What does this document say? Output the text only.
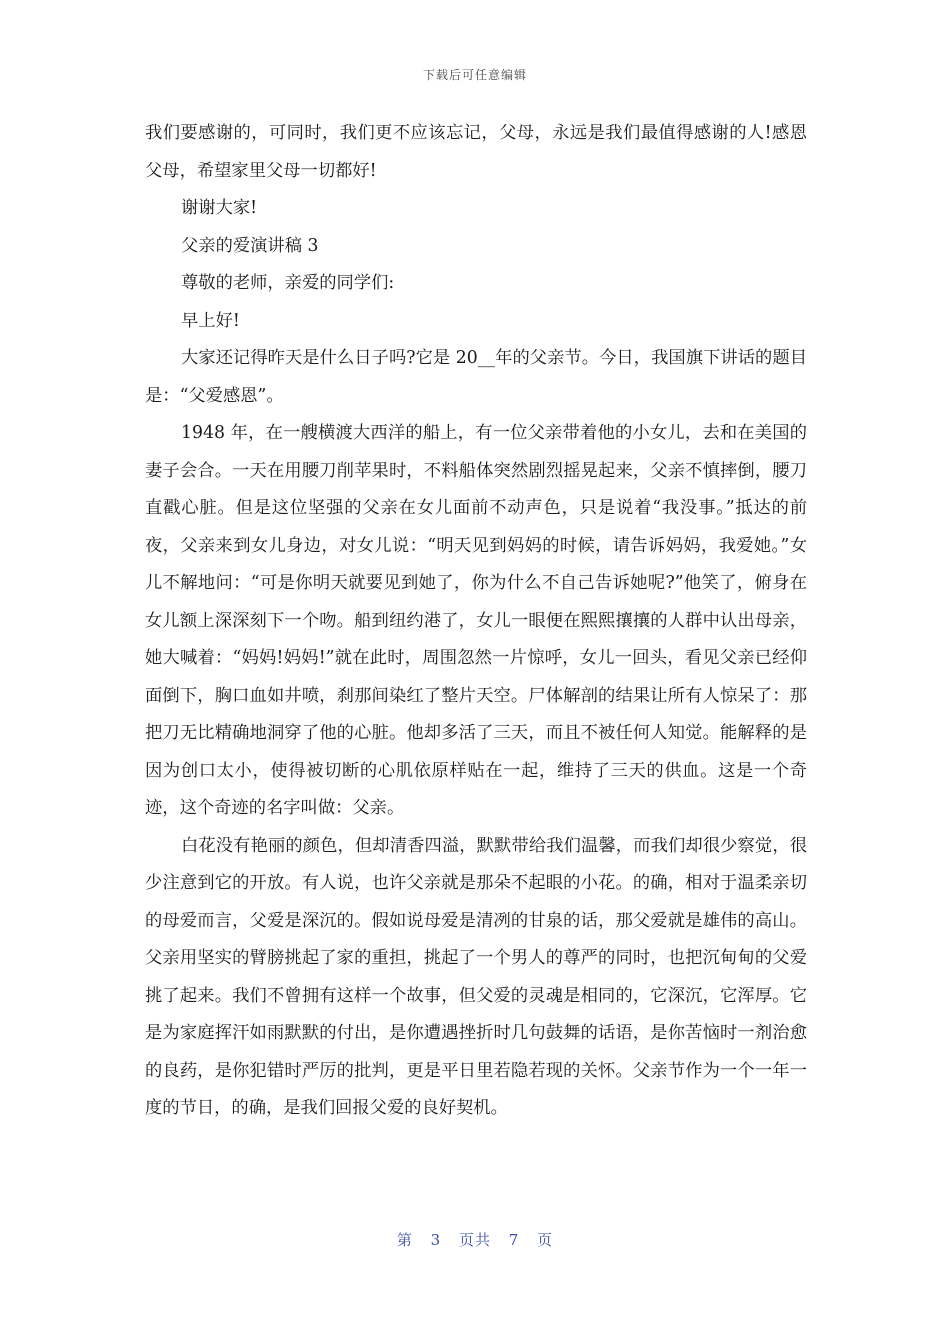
下载后可任意编辑

我们要感谢的，可同时，我们更不应该忘记，父母，永远是我们最值得感谢的人!感恩父母，希望家里父母一切都好!

谢谢大家!

父亲的爱演讲稿 3

尊敬的老师，亲爱的同学们:

早上好!

大家还记得昨天是什么日子吗?它是 20__年的父亲节。今日，我国旗下讲话的题目是：“父爱感恩”。

1948 年，在一艘横渡大西洋的船上，有一位父亲带着他的小女儿，去和在美国的妻子会合。一天在用腰刀削苹果时，不料船体突然剧烈摇晃起来，父亲不慎摔倒，腰刀直戳心脏。但是这位坚强的父亲在女儿面前不动声色，只是说着“我没事。”抵达的前夜，父亲来到女儿身边，对女儿说：“明天见到妈妈的时候，请告诉妈妈，我爱她。”女儿不解地问：“可是你明天就要见到她了，你为什么不自己告诉她呢?”他笑了，俯身在女儿额上深深刻下一个吻。船到纽约港了，女儿一眼便在熙熙攘攘的人群中认出母亲，她大喊着：“妈妈!妈妈!”就在此时，周围忽然一片惊呼，女儿一回头，看见父亲已经仰面倒下，胸口血如井喷，刹那间染红了整片天空。尸体解剖的结果让所有人惊呆了：那把刀无比精确地洞穿了他的心脏。他却多活了三天，而且不被任何人知觉。能解释的是因为创口太小，使得被切断的心肌依原样贴在一起，维持了三天的供血。这是一个奇迹，这个奇迹的名字叫做：父亲。

白花没有艳丽的颜色，但却清香四溢，默默带给我们温馨，而我们却很少察觉，很少注意到它的开放。有人说，也许父亲就是那朵不起眼的小花。的确，相对于温柔亲切的母爱而言，父爱是深沉的。假如说母爱是清冽的甘泉的话，那父爱就是雄伟的高山。父亲用坚实的臂膀挑起了家的重担，挑起了一个男人的尊严的同时，也把沉甸甸的父爱挑了起来。我们不曾拥有这样一个故事，但父爱的灵魂是相同的，它深沉，它浑厚。它是为家庭挥汗如雨默默的付出，是你遭遇挫折时几句鼓舞的话语，是你苦恼时一剂治愈的良药，是你犯错时严厉的批判，更是平日里若隐若现的关怀。父亲节作为一个一年一度的节日，的确，是我们回报父爱的良好契机。

第 3 页共 7 页
